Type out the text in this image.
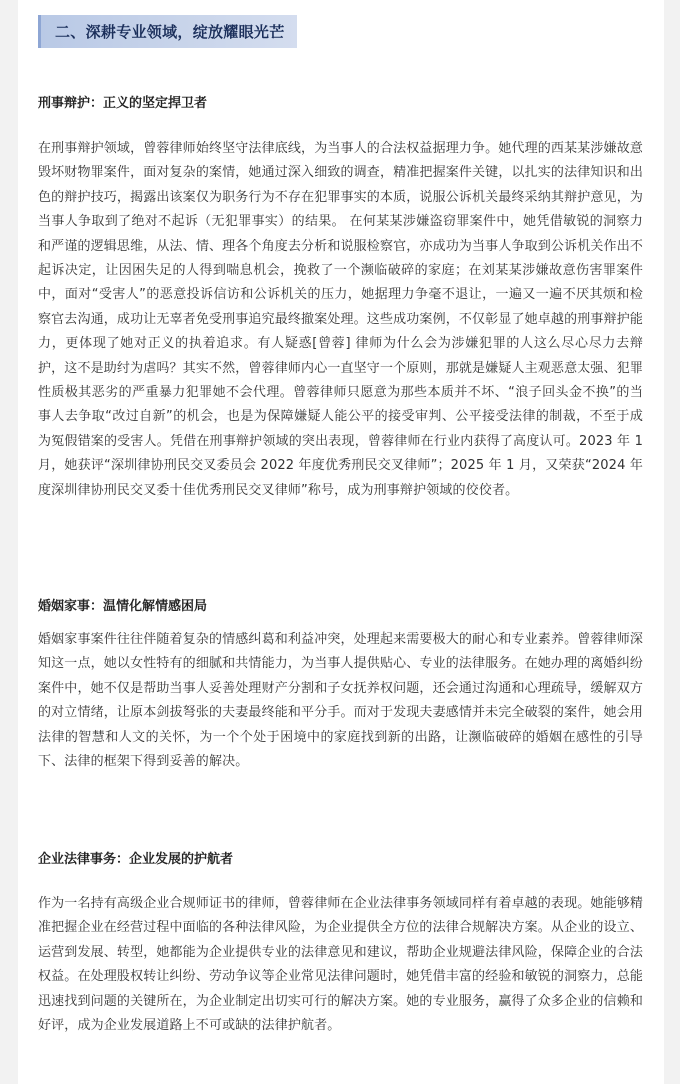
二、深耕专业领域，绽放耀眼光芒
刑事辩护：正义的坚定捍卫者

在刑事辩护领域，曾蓉律师始终坚守法律底线，为当事人的合法权益据理力争。她代理的西某某涉嫌故意毁坏财物罪案件，面对复杂的案情，她通过深入细致的调查，精准把握案件关键，以扎实的法律知识和出色的辩护技巧，揭露出该案仅为职务行为不存在犯罪事实的本质，说服公诉机关最终采纳其辩护意见，为当事人争取到了绝对不起诉（无犯罪事实）的结果。 在何某某涉嫌盗窃罪案件中，她凭借敏锐的洞察力和严谨的逻辑思维，从法、情、理各个角度去分析和说服检察官，亦成功为当事人争取到公诉机关作出不起诉决定，让因困失足的人得到喘息机会，挽救了一个濒临破碎的家庭；在刘某某涉嫌故意伤害罪案件中，面对“受害人”的恶意投诉信访和公诉机关的压力，她据理力争毫不退让，一遍又一遍不厌其烦和检察官去沟通，成功让无辜者免受刑事追究最终撤案处理。这些成功案例，不仅彰显了她卓越的刑事辩护能力，更体现了她对正义的执着追求。有人疑惑[曾蓉] 律师为什么会为涉嫌犯罪的人这么尽心尽力去辩护，这不是助纣为虐吗？其实不然，曾蓉律师内心一直坚守一个原则，那就是嫌疑人主观恶意太强、犯罪性质极其恶劣的严重暴力犯罪她不会代理。曾蓉律师只愿意为那些本质并不坏、“浪子回头金不换”的当事人去争取“改过自新”的机会，也是为保障嫌疑人能公平的接受审判、公平接受法律的制裁，不至于成为冤假错案的受害人。凭借在刑事辩护领域的突出表现，曾蓉律师在行业内获得了高度认可。2023 年 1 月，她获评“深圳律协刑民交叉委员会 2022 年度优秀刑民交叉律师”；2025 年 1 月，又荣获“2024 年度深圳律协刑民交叉委十佳优秀刑民交叉律师”称号，成为刑事辩护领域的佼佼者。

婚姻家事：温情化解情感困局

婚姻家事案件往往伴随着复杂的情感纠葛和利益冲突，处理起来需要极大的耐心和专业素养。曾蓉律师深知这一点，她以女性特有的细腻和共情能力，为当事人提供贴心、专业的法律服务。在她办理的离婚纠纷案件中，她不仅是帮助当事人妥善处理财产分割和子女抚养权问题，还会通过沟通和心理疏导，缓解双方的对立情绪，让原本剑拔弩张的夫妻最终能和平分手。而对于发现夫妻感情并未完全破裂的案件，她会用法律的智慧和人文的关怀，为一个个处于困境中的家庭找到新的出路，让濒临破碎的婚姻在感性的引导下、法律的框架下得到妥善的解决。

企业法律事务：企业发展的护航者

作为一名持有高级企业合规师证书的律师，曾蓉律师在企业法律事务领域同样有着卓越的表现。她能够精准把握企业在经营过程中面临的各种法律风险，为企业提供全方位的法律合规解决方案。从企业的设立、运营到发展、转型，她都能为企业提供专业的法律意见和建议，帮助企业规避法律风险，保障企业的合法权益。在处理股权转让纠纷、劳动争议等企业常见法律问题时，她凭借丰富的经验和敏锐的洞察力，总能迅速找到问题的关键所在，为企业制定出切实可行的解决方案。她的专业服务，赢得了众多企业的信赖和好评，成为企业发展道路上不可或缺的法律护航者。
